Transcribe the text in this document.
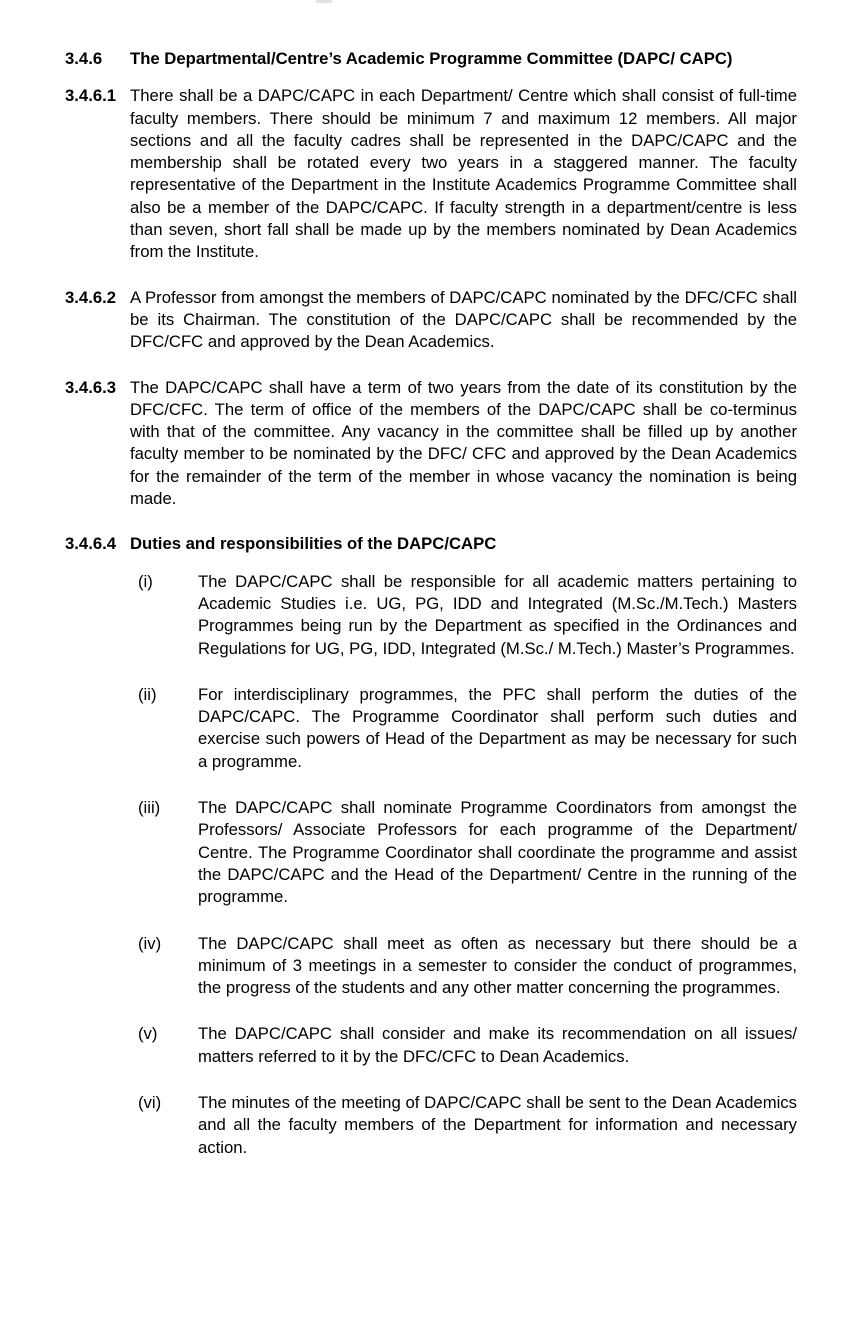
3.4.6	The Departmental/Centre’s Academic Programme Committee (DAPC/ CAPC)
3.4.6.1 There shall be a DAPC/CAPC in each Department/ Centre which shall consist of full-time faculty members. There should be minimum 7 and maximum 12 members. All major sections and all the faculty cadres shall be represented in the DAPC/CAPC and the membership shall be rotated every two years in a staggered manner. The faculty representative of the Department in the Institute Academics Programme Committee shall also be a member of the DAPC/CAPC. If faculty strength in a department/centre is less than seven, short fall shall be made up by the members nominated by Dean Academics from the Institute.

3.4.6.2 A Professor from amongst the members of DAPC/CAPC nominated by the DFC/CFC shall be its Chairman. The constitution of the DAPC/CAPC shall be recommended by the DFC/CFC and approved by the Dean Academics.

3.4.6.3 The DAPC/CAPC shall have a term of two years from the date of its constitution by the DFC/CFC. The term of office of the members of the DAPC/CAPC shall be co-terminus with that of the committee. Any vacancy in the committee shall be filled up by another faculty member to be nominated by the DFC/ CFC and approved by the Dean Academics for the remainder of the term of the member in whose vacancy the nomination is being made.

3.4.6.4 Duties and responsibilities of the DAPC/CAPC
(i)	The DAPC/CAPC shall be responsible for all academic matters pertaining to Academic Studies i.e. UG, PG, IDD and Integrated (M.Sc./M.Tech.) Masters Programmes being run by the Department as specified in the Ordinances and Regulations for UG, PG, IDD, Integrated (M.Sc./ M.Tech.) Master’s Programmes.

(ii)	For interdisciplinary programmes, the PFC shall perform the duties of the DAPC/CAPC. The Programme Coordinator shall perform such duties and exercise such powers of Head of the Department as may be necessary for such a programme.

(iii)	The DAPC/CAPC shall nominate Programme Coordinators from amongst the Professors/ Associate Professors for each programme of the Department/ Centre. The Programme Coordinator shall coordinate the programme and assist the DAPC/CAPC and the Head of the Department/ Centre in the running of the programme.

(iv)	The DAPC/CAPC shall meet as often as necessary but there should be a minimum of 3 meetings in a semester to consider the conduct of programmes, the progress of the students and any other matter concerning the programmes.

(v)	The DAPC/CAPC shall consider and make its recommendation on all issues/ matters referred to it by the DFC/CFC to Dean Academics.

(vi)	The minutes of the meeting of DAPC/CAPC shall be sent to the Dean Academics and all the faculty members of the Department for information and necessary action.
